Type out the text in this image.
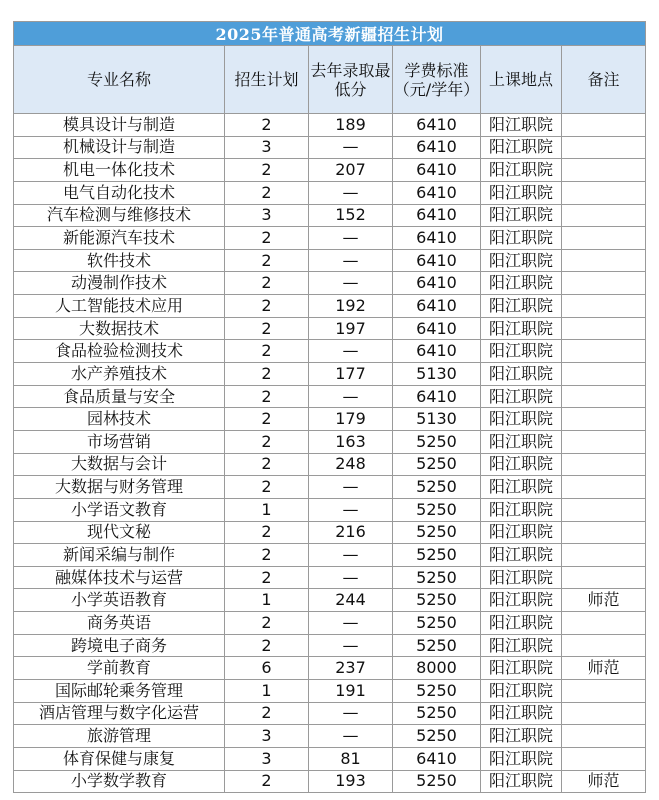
2025年普通高考新疆招生计划					
专业名称	招生计划	去年录取最低分	学费标准（元/学年）	上课地点	备注
模具设计与制造	2	189	6410	阳江职院	
机械设计与制造	3	—	6410	阳江职院	
机电一体化技术	2	207	6410	阳江职院	
电气自动化技术	2	—	6410	阳江职院	
汽车检测与维修技术	3	152	6410	阳江职院	
新能源汽车技术	2	—	6410	阳江职院	
软件技术	2	—	6410	阳江职院	
动漫制作技术	2	—	6410	阳江职院	
人工智能技术应用	2	192	6410	阳江职院	
大数据技术	2	197	6410	阳江职院	
食品检验检测技术	2	—	6410	阳江职院	
水产养殖技术	2	177	5130	阳江职院	
食品质量与安全	2	—	6410	阳江职院	
园林技术	2	179	5130	阳江职院	
市场营销	2	163	5250	阳江职院	
大数据与会计	2	248	5250	阳江职院	
大数据与财务管理	2	—	5250	阳江职院	
小学语文教育	1	—	5250	阳江职院	
现代文秘	2	216	5250	阳江职院	
新闻采编与制作	2	—	5250	阳江职院	
融媒体技术与运营	2	—	5250	阳江职院	
小学英语教育	1	244	5250	阳江职院	师范
商务英语	2	—	5250	阳江职院	
跨境电子商务	2	—	5250	阳江职院	
学前教育	6	237	8000	阳江职院	师范
国际邮轮乘务管理	1	191	5250	阳江职院	
酒店管理与数字化运营	2	—	5250	阳江职院	
旅游管理	3	—	5250	阳江职院	
体育保健与康复	3	81	6410	阳江职院	
小学数学教育	2	193	5250	阳江职院	师范
